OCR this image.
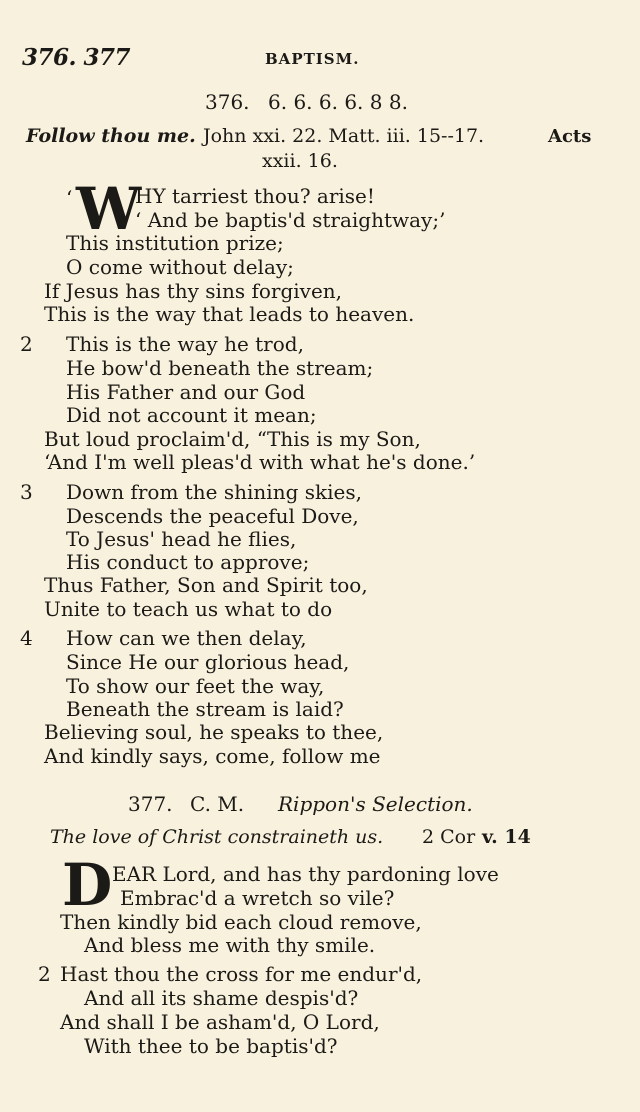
376. 377	BAPTISM.
376. 6. 6. 6. 6. 8 8.
Follow thou me. John xxi. 22. Matt. iii. 15--17.	Acts
xxii. 16.
‘ W
HY tarriest thou? arise!
‘ And be baptis'd straightway;’
This institution prize;
O come without delay;
If Jesus has thy sins forgiven,
This is the way that leads to heaven.
2 This is the way he trod,
He bow'd beneath the stream;
His Father and our God
Did not account it mean;
But loud proclaim'd, “This is my Son,
‘And I'm well pleas'd with what he's done.’
3 Down from the shining skies,
Descends the peaceful Dove,
To Jesus' head he flies,
His conduct to approve;
Thus Father, Son and Spirit too,
Unite to teach us what to do
4 How can we then delay,
Since He our glorious head,
To show our feet the way,
Beneath the stream is laid?
Believing soul, he speaks to thee,
And kindly says, come, follow me
377. C. M. Rippon's Selection.
The love of Christ constraineth us. 2 Cor v. 14
D EAR Lord, and has thy pardoning love
Embrac'd a wretch so vile?
Then kindly bid each cloud remove,
And bless me with thy smile.
2 Hast thou the cross for me endur'd,
And all its shame despis'd?
And shall I be asham'd, O Lord,
With thee to be baptis'd?
